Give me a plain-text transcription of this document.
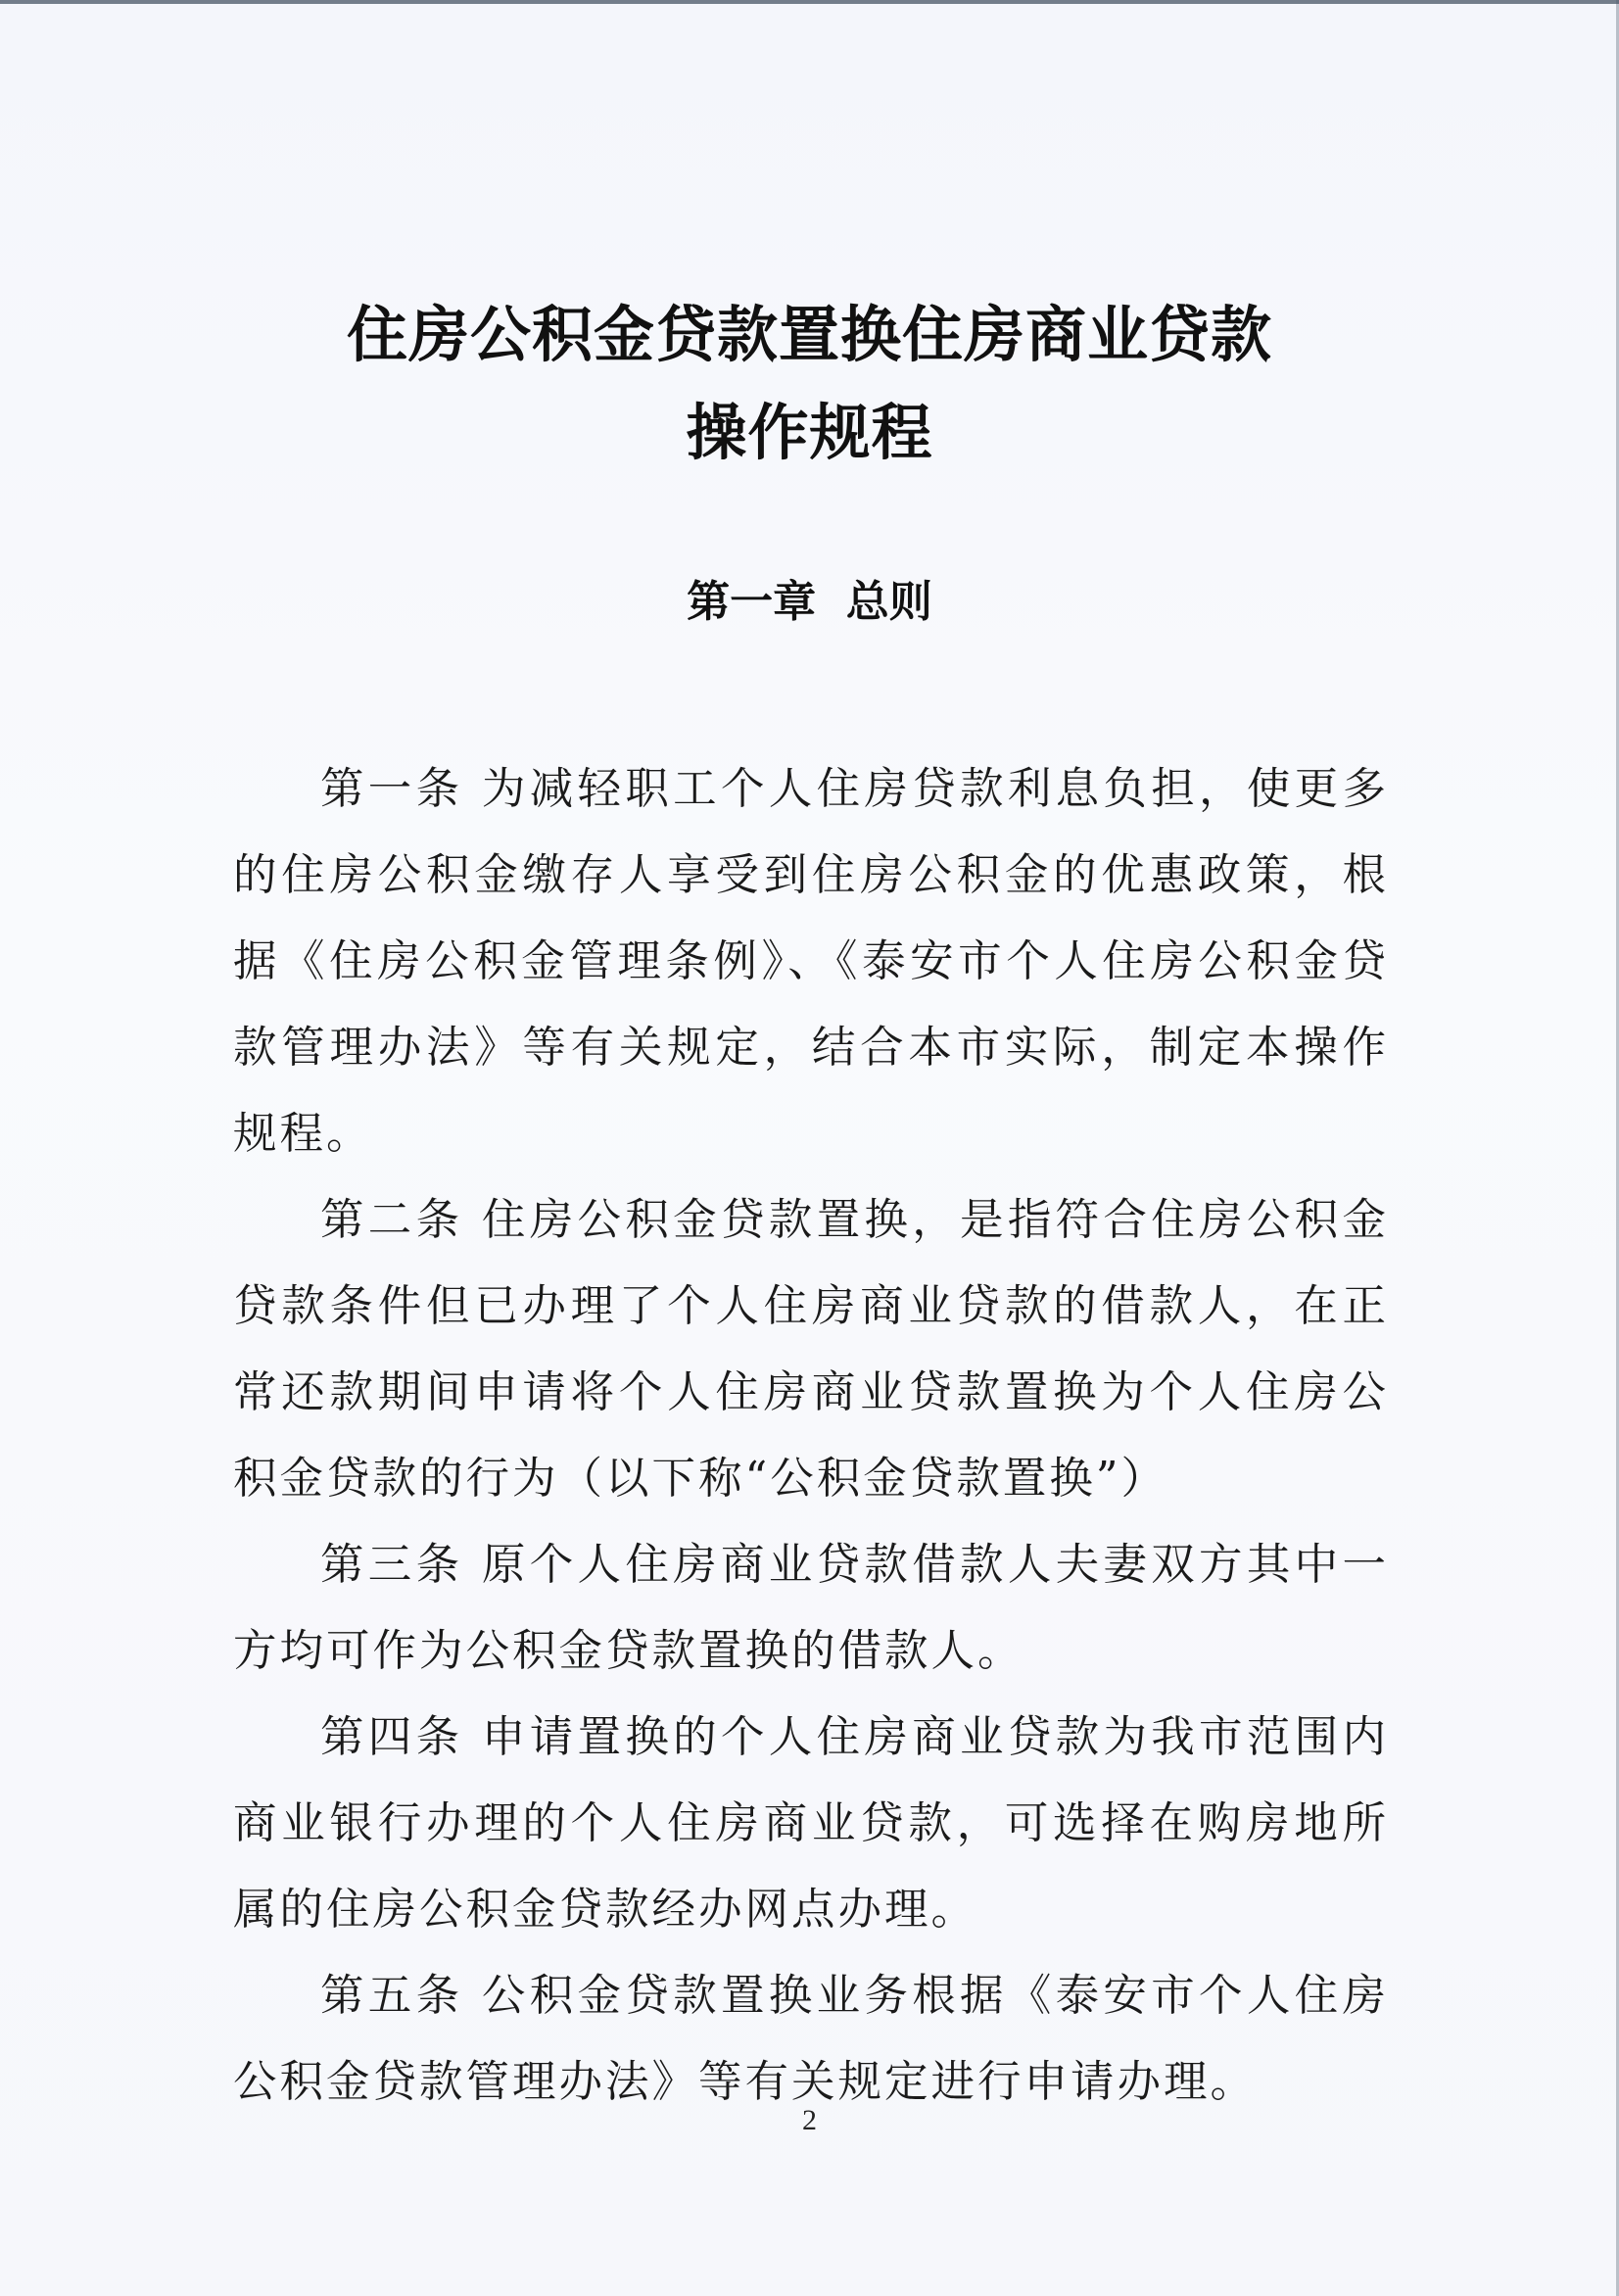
住房公积金贷款置换住房商业贷款
操作规程
第一章  总则

第一条 为减轻职工个人住房贷款利息负担，使更多的住房公积金缴存人享受到住房公积金的优惠政策，根据《住房公积金管理条例》、《泰安市个人住房公积金贷款管理办法》等有关规定，结合本市实际，制定本操作规程。

第二条 住房公积金贷款置换，是指符合住房公积金贷款条件但已办理了个人住房商业贷款的借款人，在正常还款期间申请将个人住房商业贷款置换为个人住房公积金贷款的行为（以下称“公积金贷款置换”）

第三条 原个人住房商业贷款借款人夫妻双方其中一方均可作为公积金贷款置换的借款人。

第四条 申请置换的个人住房商业贷款为我市范围内商业银行办理的个人住房商业贷款，可选择在购房地所属的住房公积金贷款经办网点办理。

第五条 公积金贷款置换业务根据《泰安市个人住房公积金贷款管理办法》等有关规定进行申请办理。

2
